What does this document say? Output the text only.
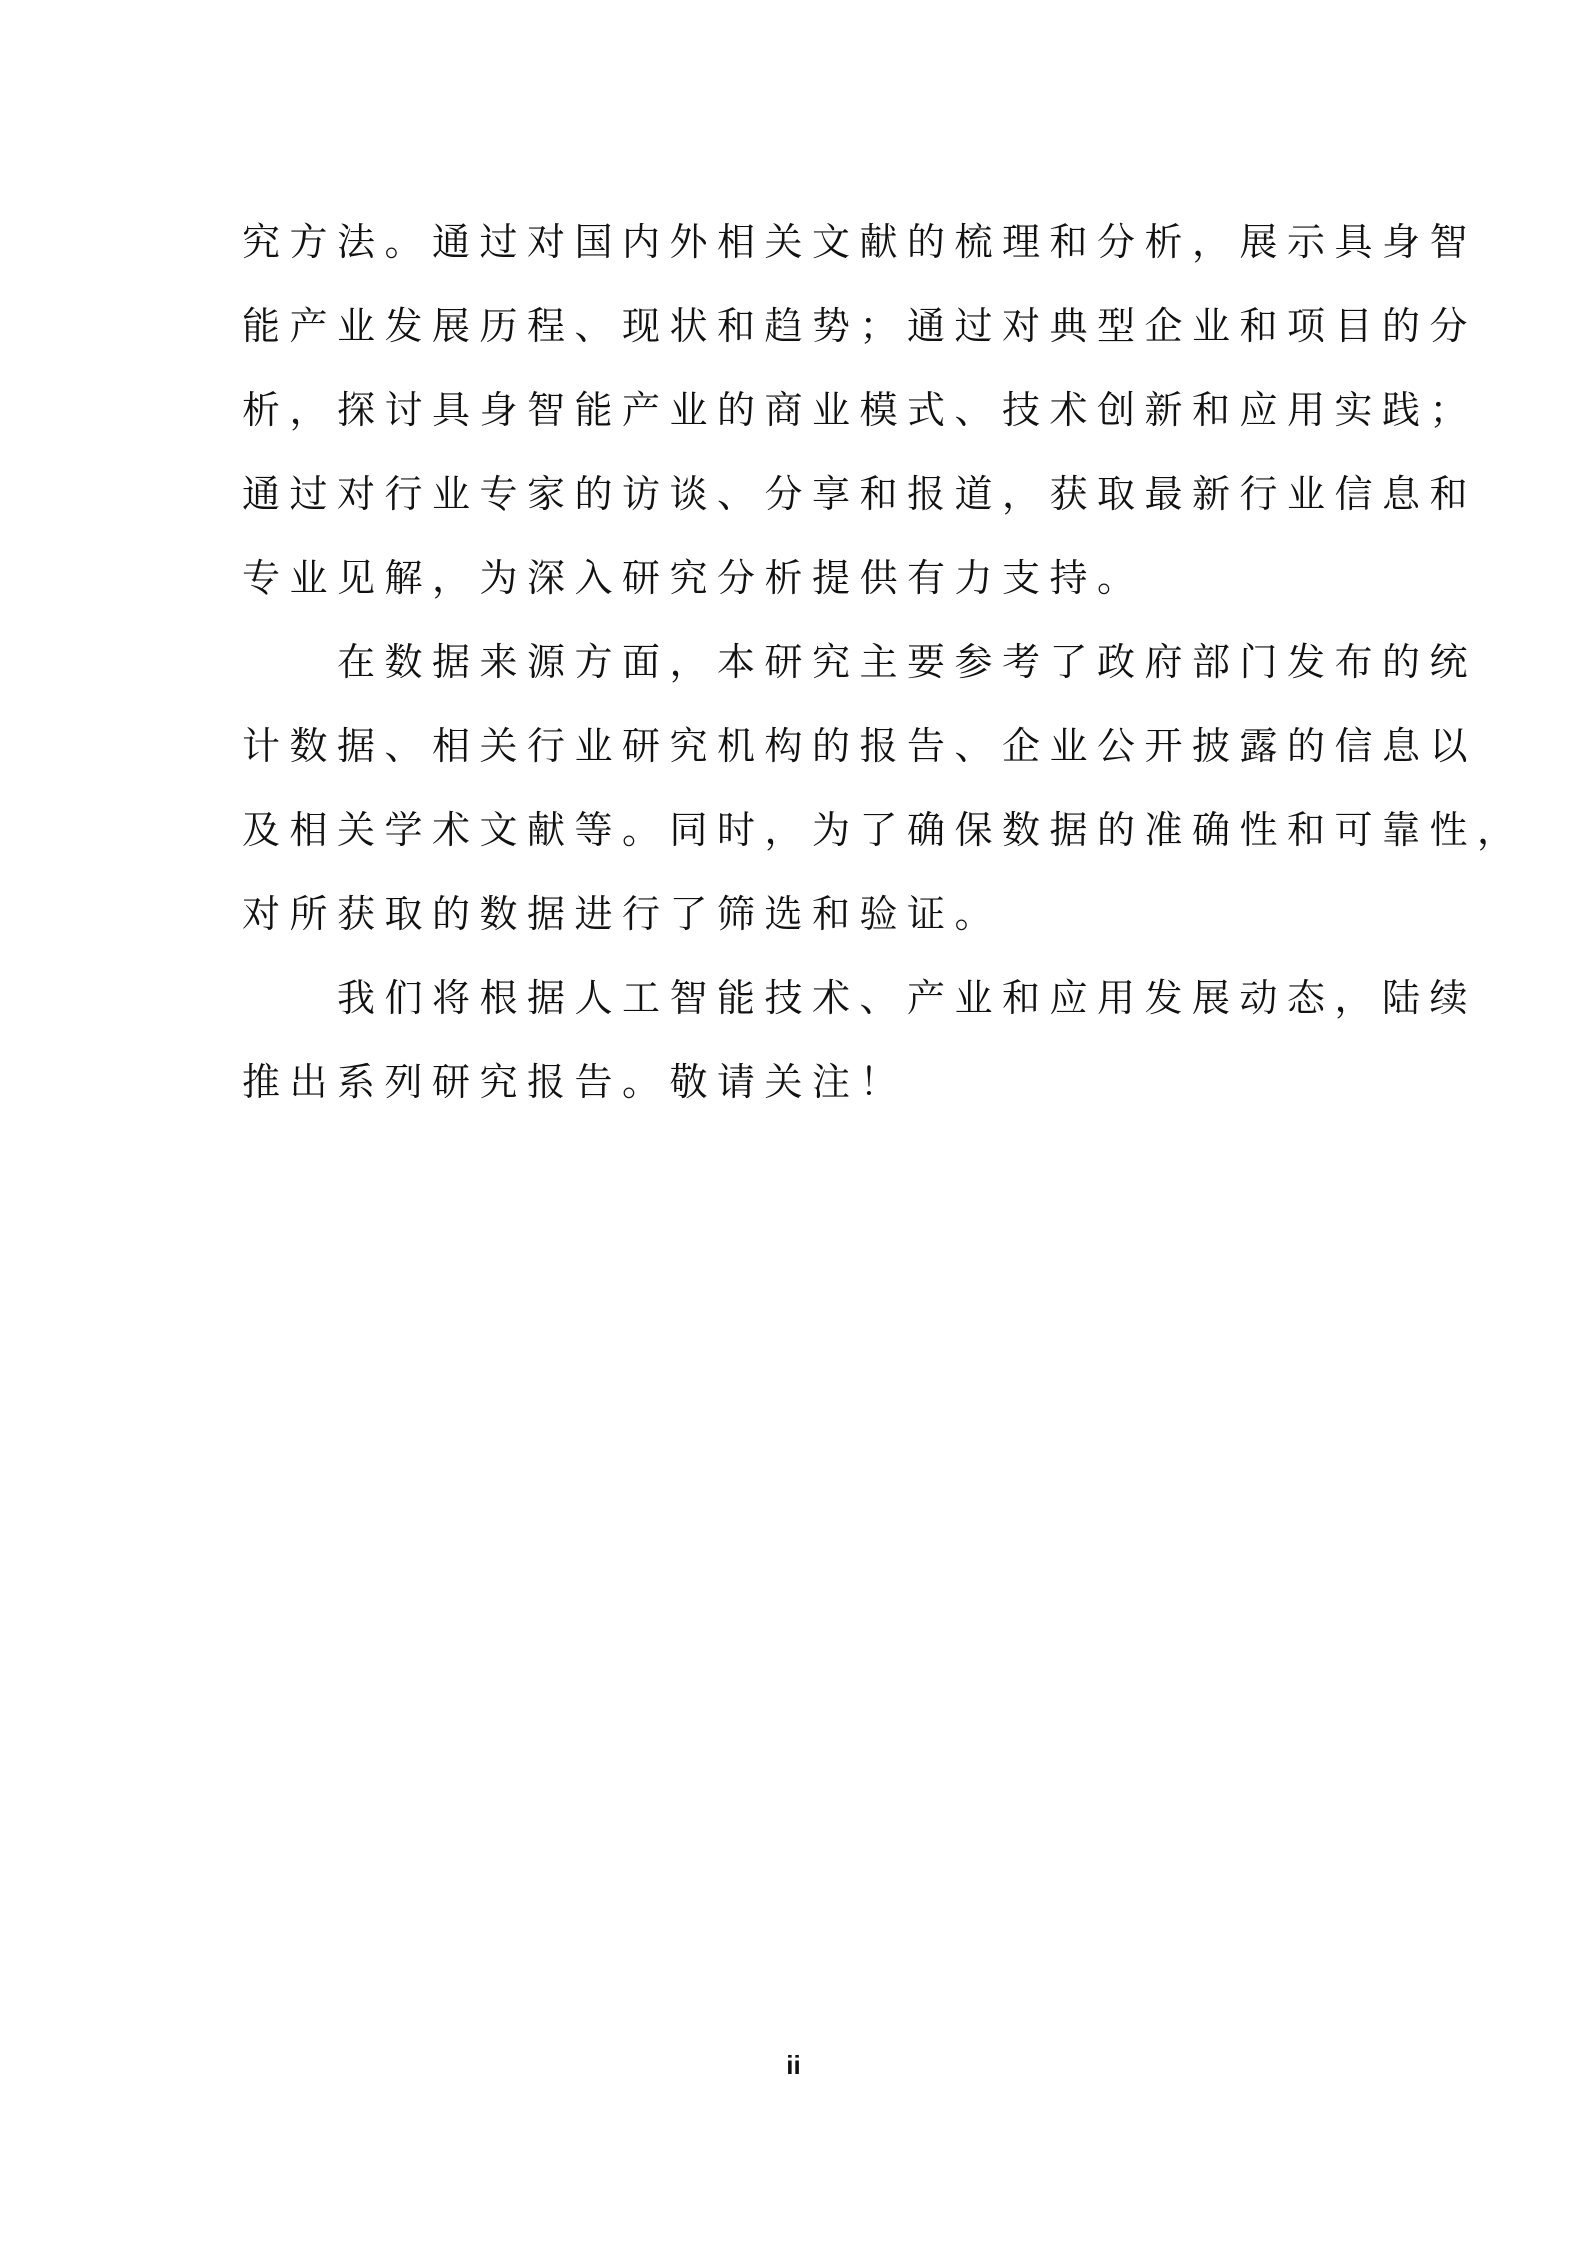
究方法。通过对国内外相关文献的梳理和分析，展示具身智
能产业发展历程、现状和趋势；通过对典型企业和项目的分
析，探讨具身智能产业的商业模式、技术创新和应用实践；
通过对行业专家的访谈、分享和报道，获取最新行业信息和
专业见解，为深入研究分析提供有力支持。

在数据来源方面，本研究主要参考了政府部门发布的统
计数据、相关行业研究机构的报告、企业公开披露的信息以
及相关学术文献等。同时，为了确保数据的准确性和可靠性，
对所获取的数据进行了筛选和验证。

我们将根据人工智能技术、产业和应用发展动态，陆续
推出系列研究报告。敬请关注！

ii
